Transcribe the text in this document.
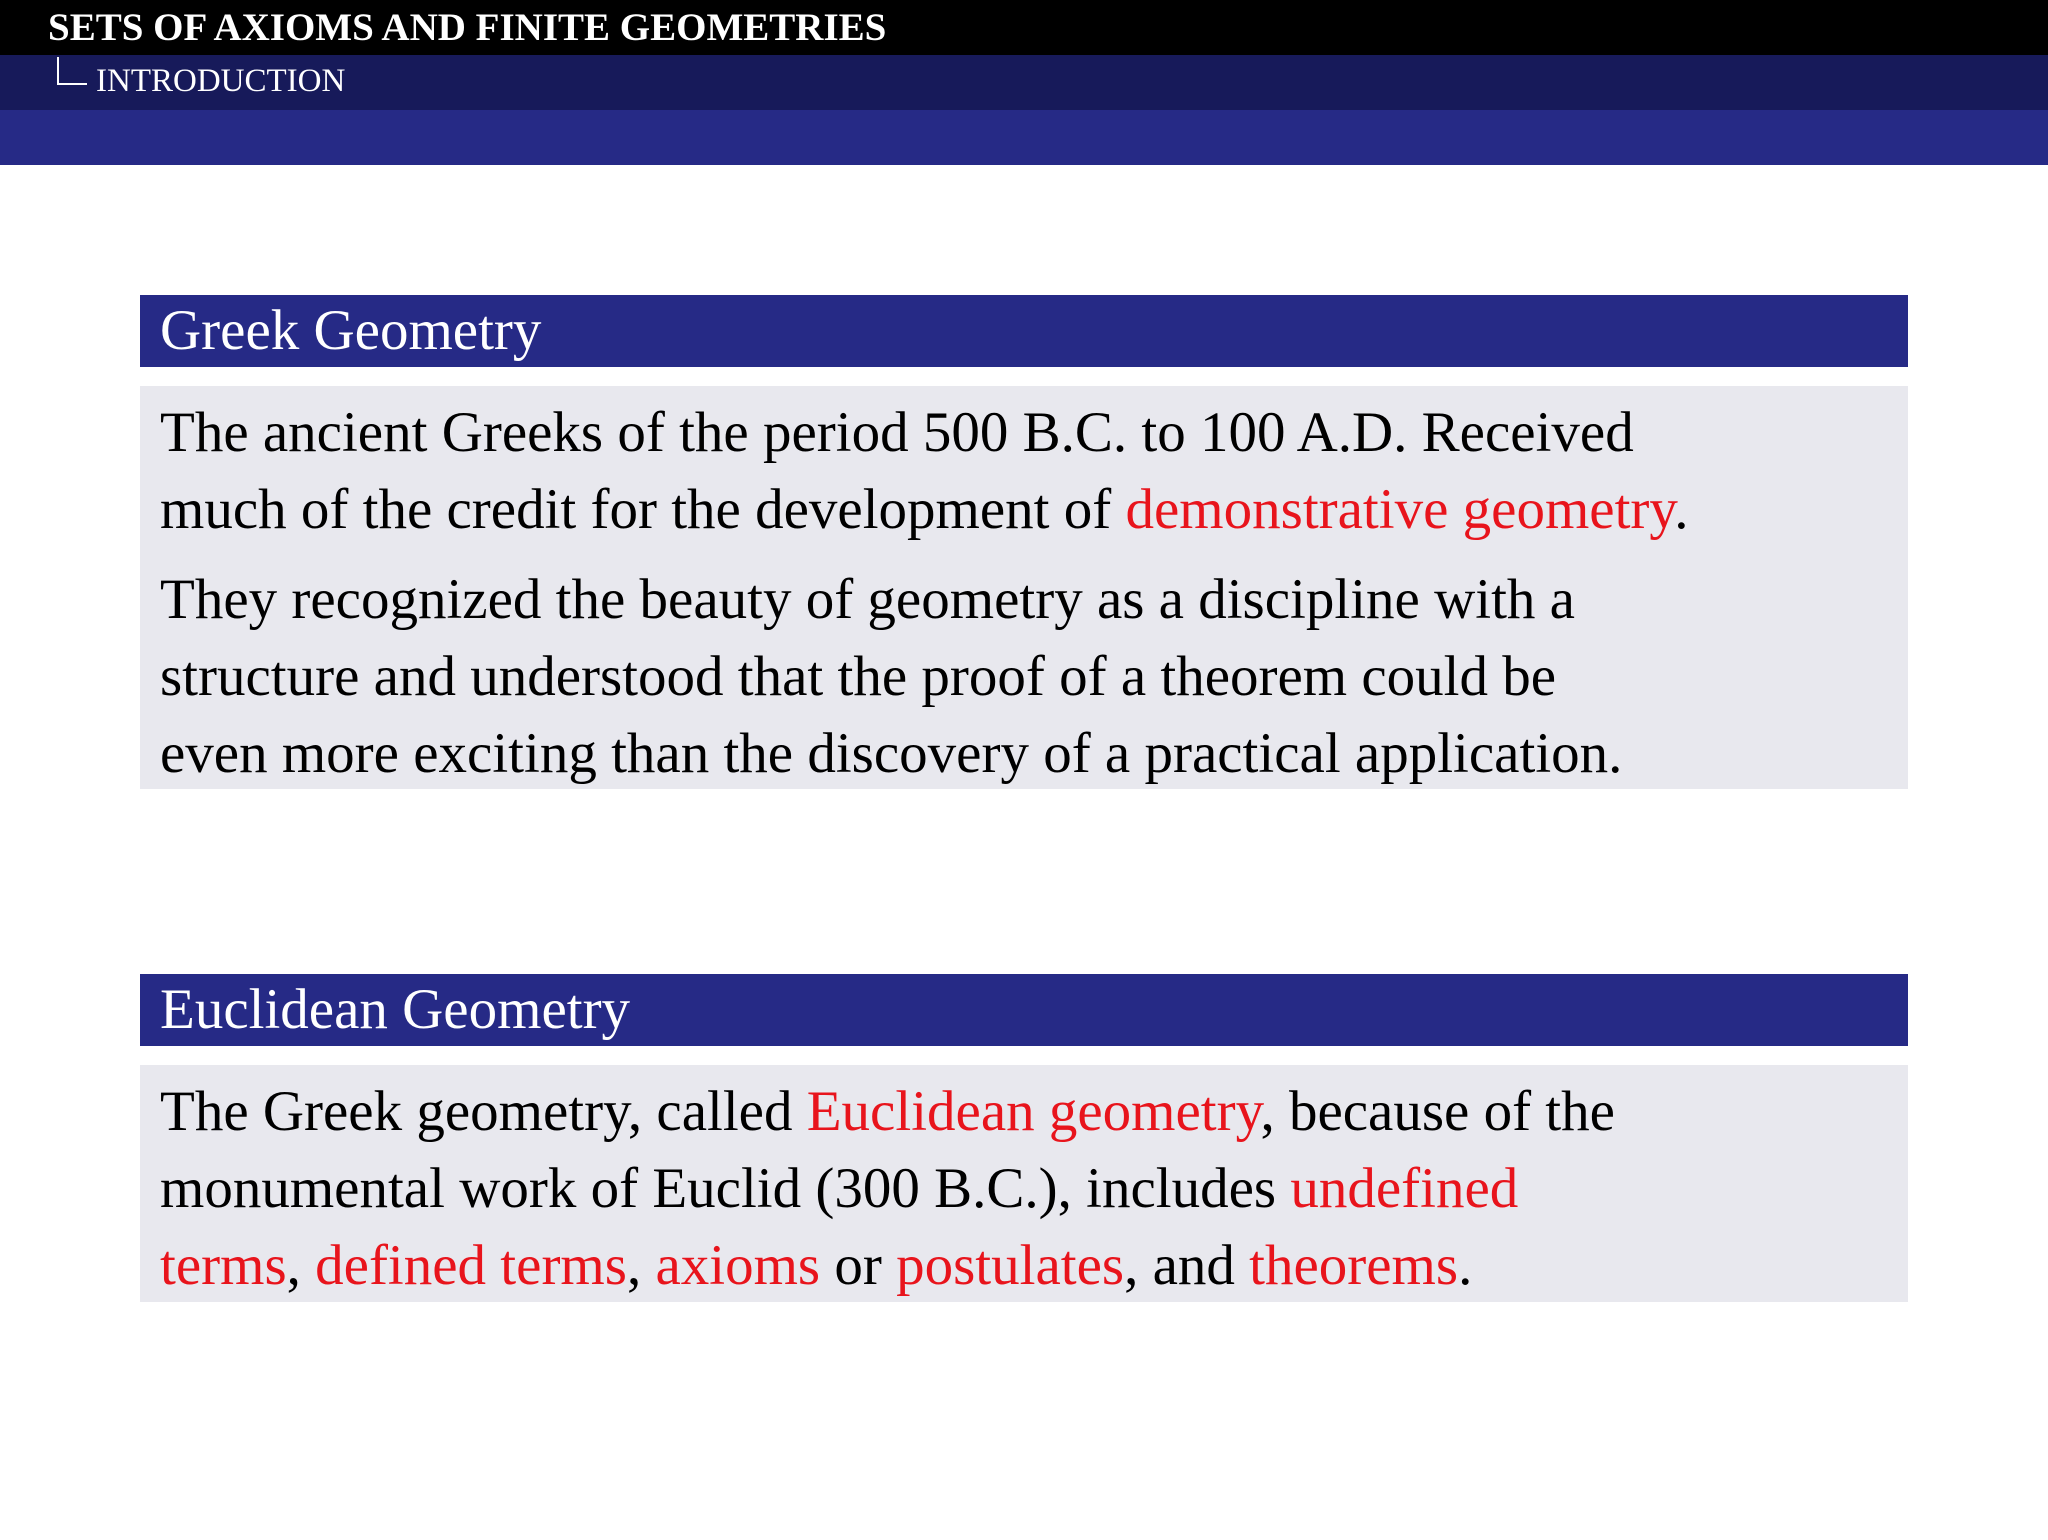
SETS OF AXIOMS AND FINITE GEOMETRIES
INTRODUCTION
Greek Geometry

The ancient Greeks of the period 500 B.C. to 100 A.D. Received
much of the credit for the development of demonstrative geometry.

They recognized the beauty of geometry as a discipline with a
structure and understood that the proof of a theorem could be
even more exciting than the discovery of a practical application.

Euclidean Geometry

The Greek geometry, called Euclidean geometry, because of the
monumental work of Euclid (300 B.C.), includes undefined
terms, defined terms, axioms or postulates, and theorems.
